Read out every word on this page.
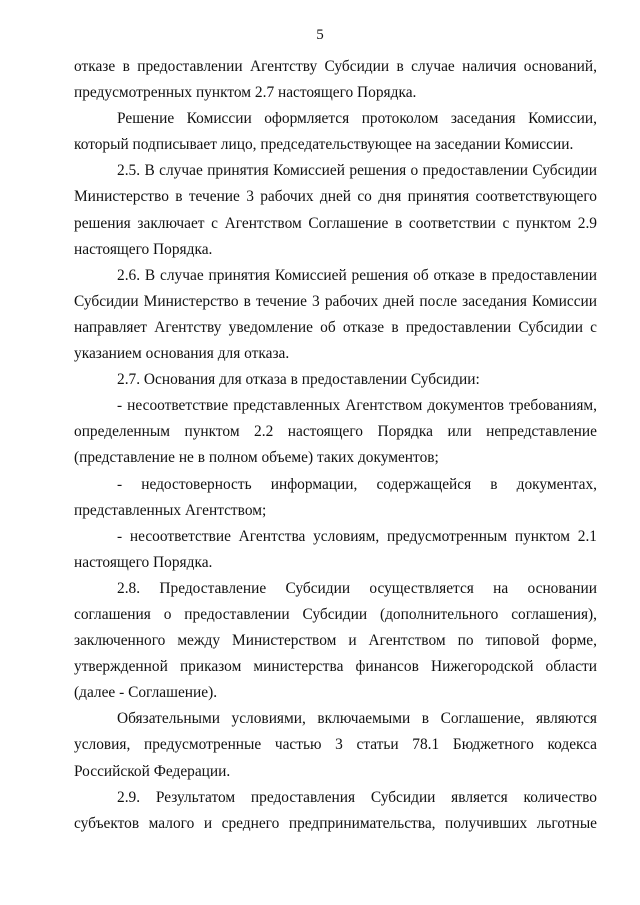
5

отказе в предоставлении Агентству Субсидии в случае наличия оснований, предусмотренных пунктом 2.7 настоящего Порядка.

Решение Комиссии оформляется протоколом заседания Комиссии, который подписывает лицо, председательствующее на заседании Комиссии.

2.5. В случае принятия Комиссией решения о предоставлении Субсидии Министерство в течение 3 рабочих дней со дня принятия соответствующего решения заключает с Агентством Соглашение в соответствии с пунктом 2.9 настоящего Порядка.

2.6. В случае принятия Комиссией решения об отказе в предоставлении Субсидии Министерство в течение 3 рабочих дней после заседания Комиссии направляет Агентству уведомление об отказе в предоставлении Субсидии с указанием основания для отказа.

2.7. Основания для отказа в предоставлении Субсидии:

- несоответствие представленных Агентством документов требованиям, определенным пунктом 2.2 настоящего Порядка или непредставление (представление не в полном объеме) таких документов;

- недостоверность информации, содержащейся в документах, представленных Агентством;

- несоответствие Агентства условиям, предусмотренным пунктом 2.1 настоящего Порядка.

2.8. Предоставление Субсидии осуществляется на основании соглашения о предоставлении Субсидии (дополнительного соглашения), заключенного между Министерством и Агентством по типовой форме, утвержденной приказом министерства финансов Нижегородской области (далее - Соглашение).

Обязательными условиями, включаемыми в Соглашение, являются условия, предусмотренные частью 3 статьи 78.1 Бюджетного кодекса Российской Федерации.

2.9. Результатом предоставления Субсидии является количество субъектов малого и среднего предпринимательства, получивших льготные
